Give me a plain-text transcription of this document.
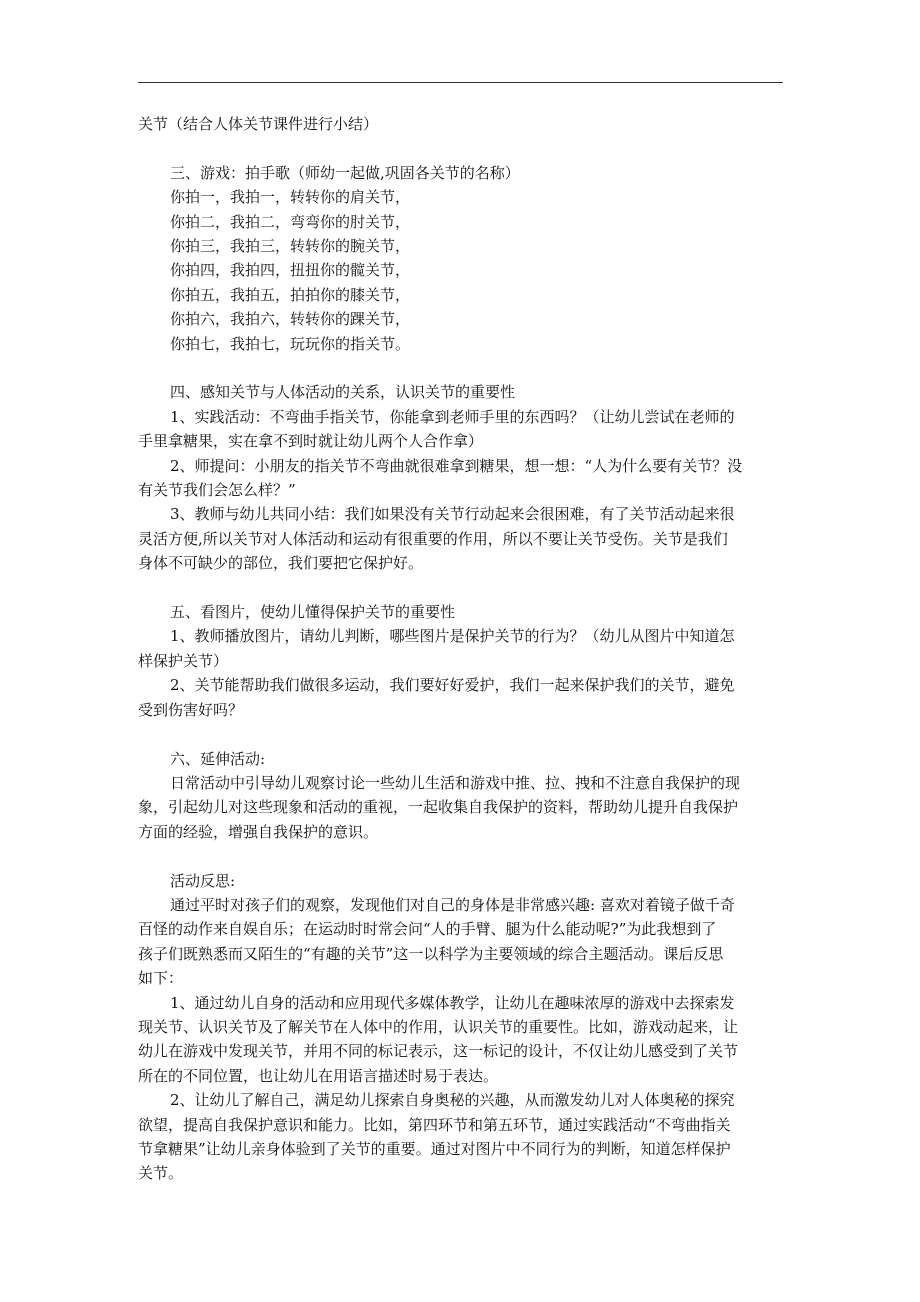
关节（结合人体关节课件进行小结）
三、游戏：拍手歌（师幼一起做,巩固各关节的名称）
你拍一，我拍一，转转你的肩关节，
你拍二，我拍二，弯弯你的肘关节，
你拍三，我拍三，转转你的腕关节，
你拍四，我拍四，扭扭你的髋关节，
你拍五，我拍五，拍拍你的膝关节，
你拍六，我拍六，转转你的踝关节，
你拍七，我拍七，玩玩你的指关节。
四、感知关节与人体活动的关系，认识关节的重要性
1、实践活动：不弯曲手指关节，你能拿到老师手里的东西吗？（让幼儿尝试在老师的
手里拿糖果，实在拿不到时就让幼儿两个人合作拿）
2、师提问：小朋友的指关节不弯曲就很难拿到糖果，想一想：“人为什么要有关节？没
有关节我们会怎么样？”
3、教师与幼儿共同小结：我们如果没有关节行动起来会很困难，有了关节活动起来很
灵活方便,所以关节对人体活动和运动有很重要的作用，所以不要让关节受伤。关节是我们
身体不可缺少的部位，我们要把它保护好。
五、看图片，使幼儿懂得保护关节的重要性
1、教师播放图片，请幼儿判断，哪些图片是保护关节的行为？（幼儿从图片中知道怎
样保护关节）
2、关节能帮助我们做很多运动，我们要好好爱护，我们一起来保护我们的关节，避免
受到伤害好吗？
六、延伸活动:
日常活动中引导幼儿观察讨论一些幼儿生活和游戏中推、拉、拽和不注意自我保护的现
象，引起幼儿对这些现象和活动的重视，一起收集自我保护的资料，帮助幼儿提升自我保护
方面的经验，增强自我保护的意识。
活动反思:
通过平时对孩子们的观察，发现他们对自己的身体是非常感兴趣: 喜欢对着镜子做千奇
百怪的动作来自娱自乐；在运动时时常会问“人的手臂、腿为什么能动呢?”为此我想到了
孩子们既熟悉而又陌生的“有趣的关节”这一以科学为主要领域的综合主题活动。课后反思
如下：
1、通过幼儿自身的活动和应用现代多媒体教学，让幼儿在趣味浓厚的游戏中去探索发
现关节、认识关节及了解关节在人体中的作用，认识关节的重要性。比如，游戏动起来，让
幼儿在游戏中发现关节，并用不同的标记表示，这一标记的设计，不仅让幼儿感受到了关节
所在的不同位置，也让幼儿在用语言描述时易于表达。
2、让幼儿了解自己，满足幼儿探索自身奥秘的兴趣，从而激发幼儿对人体奥秘的探究
欲望，提高自我保护意识和能力。比如，第四环节和第五环节，通过实践活动“不弯曲指关
节拿糖果”让幼儿亲身体验到了关节的重要。通过对图片中不同行为的判断，知道怎样保护
关节。
